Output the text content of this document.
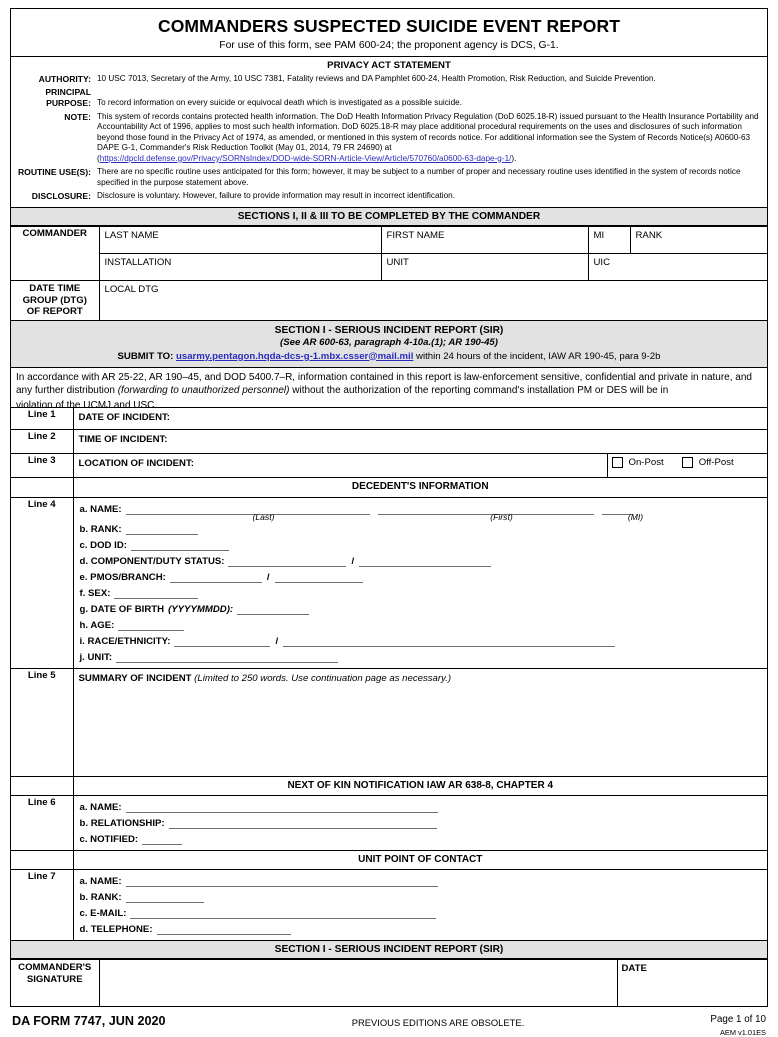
COMMANDERS SUSPECTED SUICIDE EVENT REPORT
For use of this form, see PAM 600-24; the proponent agency is DCS, G-1.
PRIVACY ACT STATEMENT
AUTHORITY: 10 USC 7013, Secretary of the Army, 10 USC 7381, Fatality reviews and DA Pamphlet 600-24, Health Promotion, Risk Reduction, and Suicide Prevention.
PRINCIPAL
PURPOSE: To record information on every suicide or equivocal death which is investigated as a possible suicide.
NOTE: This system of records contains protected health information. The DoD Health Information Privacy Regulation (DoD 6025.18-R) issued pursuant to the Health Insurance Portability and Accountability Act of 1996, applies to most such health information. DoD 6025.18-R may place additional procedural requirements on the uses and disclosures of such information beyond those found in the Privacy Act of 1974, as amended, or mentioned in this system of records notice. For additional information see the System of Records Notice(s) A0600-63 DAPE G-1, Commander's Risk Reduction Toolkit (May 01, 2014, 79 FR 24690) at
(https://dpcld.defense.gov/Privacy/SORNsIndex/DOD-wide-SORN-Article-View/Article/570760/a0600-63-dape-g-1/).
ROUTINE USE(S): There are no specific routine uses anticipated for this form; however, it may be subject to a number of proper and necessary routine uses identified in the system of records notice specified in the purpose statement above.
DISCLOSURE: Disclosure is voluntary. However, failure to provide information may result in incorrect identification.
SECTIONS I, II & III TO BE COMPLETED BY THE COMMANDER
COMMANDER	LAST NAME	FIRST NAME	MI	RANK
	INSTALLATION	UNIT	UIC	

DATE TIME
GROUP (DTG)
OF REPORT	LOCAL DTG			
SECTION I - SERIOUS INCIDENT REPORT (SIR)
(See AR 600-63, paragraph 4-10a.(1); AR 190-45)
SUBMIT TO: usarmy.pentagon.hqda-dcs-g-1.mbx.csser@mail.mil within 24 hours of the incident, IAW AR 190-45, para 9-2b
In accordance with AR 25-22, AR 190–45, and DOD 5400.7–R, information contained in this report is law-enforcement sensitive, confidential and private in nature, and any further distribution (forwarding to unauthorized personnel) without the authorization of the reporting command's installation PM or DES will be in
violation of the UCMJ and USC.
Line 1	DATE OF INCIDENT:	
Line 2	TIME OF INCIDENT:	
Line 3	LOCATION OF INCIDENT:	On-Post Off-Post

	DECEDENT'S INFORMATION	
Line 4	a. NAME:
(Last)	(First)	(MI)
b. RANK:
c. DOD ID:
d. COMPONENT/DUTY STATUS:	/
e. PMOS/BRANCH:	/
f. SEX:
g. DATE OF BIRTH (YYYYMMDD):
h. AGE:
i. RACE/ETHNICITY:	/
j. UNIT:

Line 5	SUMMARY OF INCIDENT (Limited to 250 words. Use continuation page as necessary.)	

	NEXT OF KIN NOTIFICATION IAW AR 638-8, CHAPTER 4	
Line 6	a. NAME:
b. RELATIONSHIP:
c. NOTIFIED:	

	UNIT POINT OF CONTACT	
Line 7	a. NAME:
b. RANK:
c. E-MAIL:
d. TELEPHONE:	
SECTION I - SERIOUS INCIDENT REPORT (SIR)
COMMANDER'S
SIGNATURE
		DATE
DA FORM 7747, JUN 2020	PREVIOUS EDITIONS ARE OBSOLETE.	Page 1 of 10
AEM v1.01ES
